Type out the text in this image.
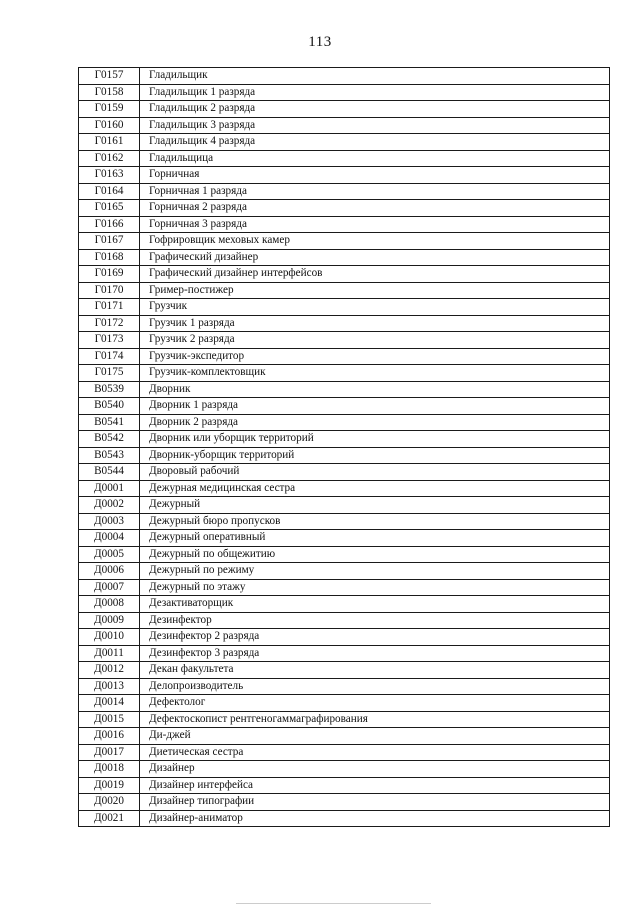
113
Г0157	Гладильщик
Г0158	Гладильщик 1 разряда
Г0159	Гладильщик 2 разряда
Г0160	Гладильщик 3 разряда
Г0161	Гладильщик 4 разряда
Г0162	Гладильщица
Г0163	Горничная
Г0164	Горничная 1 разряда
Г0165	Горничная 2 разряда
Г0166	Горничная 3 разряда
Г0167	Гофрировщик меховых камер
Г0168	Графический дизайнер
Г0169	Графический дизайнер интерфейсов
Г0170	Гример-постижер
Г0171	Грузчик
Г0172	Грузчик 1 разряда
Г0173	Грузчик 2 разряда
Г0174	Грузчик-экспедитор
Г0175	Грузчик-комплектовщик
В0539	Дворник
В0540	Дворник 1 разряда
В0541	Дворник 2 разряда
В0542	Дворник или уборщик территорий
В0543	Дворник-уборщик территорий
В0544	Дворовый рабочий
Д0001	Дежурная медицинская сестра
Д0002	Дежурный
Д0003	Дежурный бюро пропусков
Д0004	Дежурный оперативный
Д0005	Дежурный по общежитию
Д0006	Дежурный по режиму
Д0007	Дежурный по этажу
Д0008	Дезактиваторщик
Д0009	Дезинфектор
Д0010	Дезинфектор 2 разряда
Д0011	Дезинфектор 3 разряда
Д0012	Декан факультета
Д0013	Делопроизводитель
Д0014	Дефектолог
Д0015	Дефектоскопист рентгеногаммаграфирования
Д0016	Ди-джей
Д0017	Диетическая сестра
Д0018	Дизайнер
Д0019	Дизайнер интерфейса
Д0020	Дизайнер типографии
Д0021	Дизайнер-аниматор
